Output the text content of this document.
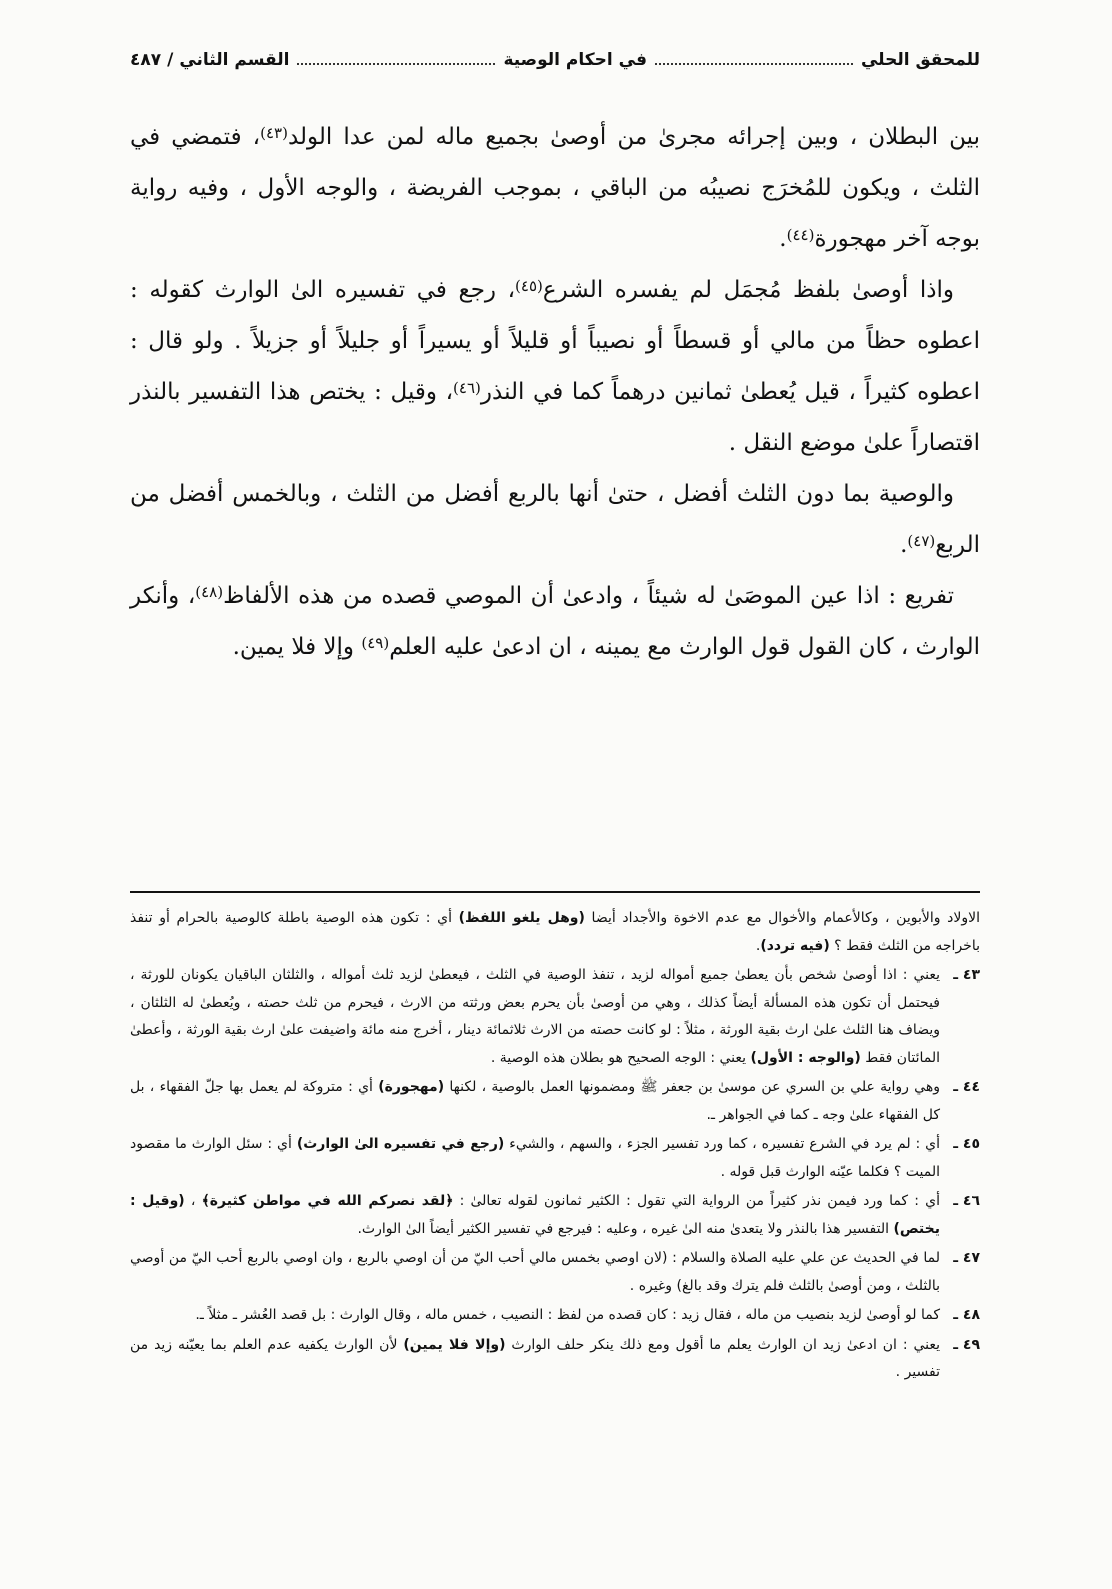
للمحقق الحلي
في احكام الوصية
القسم الثاني
/
٤٨٧

بين البطلان ، وبين إجرائه مجرىٰ من أوصىٰ بجميع ماله لمن عدا الولد$^{(٤٣)}$، فتمضي في الثلث ، ويكون للمُخرَج نصيبُه من الباقي ، بموجب الفريضة ، والوجه الأول ، وفيه رواية بوجه آخر مهجورة$^{(٤٤)}$.

واذا أوصىٰ بلفظ مُجمَل لم يفسره الشرع$^{(٤٥)}$، رجع في تفسيره الىٰ الوارث كقوله : اعطوه حظاً من مالي أو قسطاً أو نصيباً أو قليلاً أو يسيراً أو جليلاً أو جزيلاً . ولو قال : اعطوه كثيراً ، قيل يُعطىٰ ثمانين درهماً كما في النذر$^{(٤٦)}$، وقيل : يختص هذا التفسير بالنذر اقتصاراً علىٰ موضع النقل .

والوصية بما دون الثلث أفضل ، حتىٰ أنها بالربع أفضل من الثلث ، وبالخمس أفضل من الربع$^{(٤٧)}$.

تفريع : اذا عين الموصَىٰ له شيئاً ، وادعىٰ أن الموصي قصده من هذه الألفاظ$^{(٤٨)}$، وأنكر الوارث ، كان القول قول الوارث مع يمينه ، ان ادعىٰ عليه العلم$^{(٤٩)}$ وإلا فلا يمين.

الاولاد والأبوين ، وكالأعمام والأخوال مع عدم الاخوة والأجداد أيضا (وهل يلغو اللفظ) أي : تكون هذه الوصية باطلة كالوصية بالحرام أو تنفذ باخراجه من الثلث فقط ؟ (فيه تردد).

٤٣ ـيعني : اذا أوصىٰ شخص بأن يعطىٰ جميع أمواله لزيد ، تنفذ الوصية في الثلث ، فيعطىٰ لزيد ثلث أمواله ، والثلثان الباقيان يكونان للورثة ، فيحتمل أن تكون هذه المسألة أيضاً كذلك ، وهي من أوصىٰ بأن يحرم بعض ورثته من الارث ، فيحرم من ثلث حصته ، ويُعطىٰ له الثلثان ، ويضاف هنا الثلث علىٰ ارث بقية الورثة ، مثلاً : لو كانت حصته من الارث ثلاثمائة دينار ، أخرج منه مائة واضيفت علىٰ ارث بقية الورثة ، وأعطىٰ المائتان فقط (والوجه : الأول) يعني : الوجه الصحيح هو بطلان هذه الوصية .

٤٤ ـوهي رواية علي بن السري عن موسىٰ بن جعفر ﷺ ومضمونها العمل بالوصية ، لكنها (مهجورة) أي : متروكة لم يعمل بها جلّ الفقهاء ، بل كل الفقهاء علىٰ وجه ـ كما في الجواهر ـ.

٤٥ ـأي : لم يرد في الشرع تفسيره ، كما ورد تفسير الجزء ، والسهم ، والشيء (رجع في تفسيره الىٰ الوارث) أي : سئل الوارث ما مقصود الميت ؟ فكلما عيّنه الوارث قبل قوله .

٤٦ ـأي : كما ورد فيمن نذر كثيراً من الرواية التي تقول : الكثير ثمانون لقوله تعالىٰ : ﴿لقد نصركم الله في مواطن كثيرة﴾ ، (وقيل : يختص) التفسير هذا بالنذر ولا يتعدىٰ منه الىٰ غيره ، وعليه : فيرجع في تفسير الكثير أيضاً الىٰ الوارث.

٤٧ ـلما في الحديث عن علي عليه الصلاة والسلام : (لان اوصي بخمس مالي أحب اليّ من أن اوصي بالربع ، وان اوصي بالربع أحب اليّ من أوصي بالثلث ، ومن أوصىٰ بالثلث فلم يترك وقد بالغ) وغيره .

٤٨ ـكما لو أوصىٰ لزيد بنصيب من ماله ، فقال زيد : كان قصده من لفظ : النصيب ، خمس ماله ، وقال الوارث : بل قصد العُشر ـ مثلاً ـ.

٤٩ ـيعني : ان ادعىٰ زيد ان الوارث يعلم ما أقول ومع ذلك ينكر حلف الوارث (وإلا فلا يمين) لأن الوارث يكفيه عدم العلم بما يعيّنه زيد من تفسير .
